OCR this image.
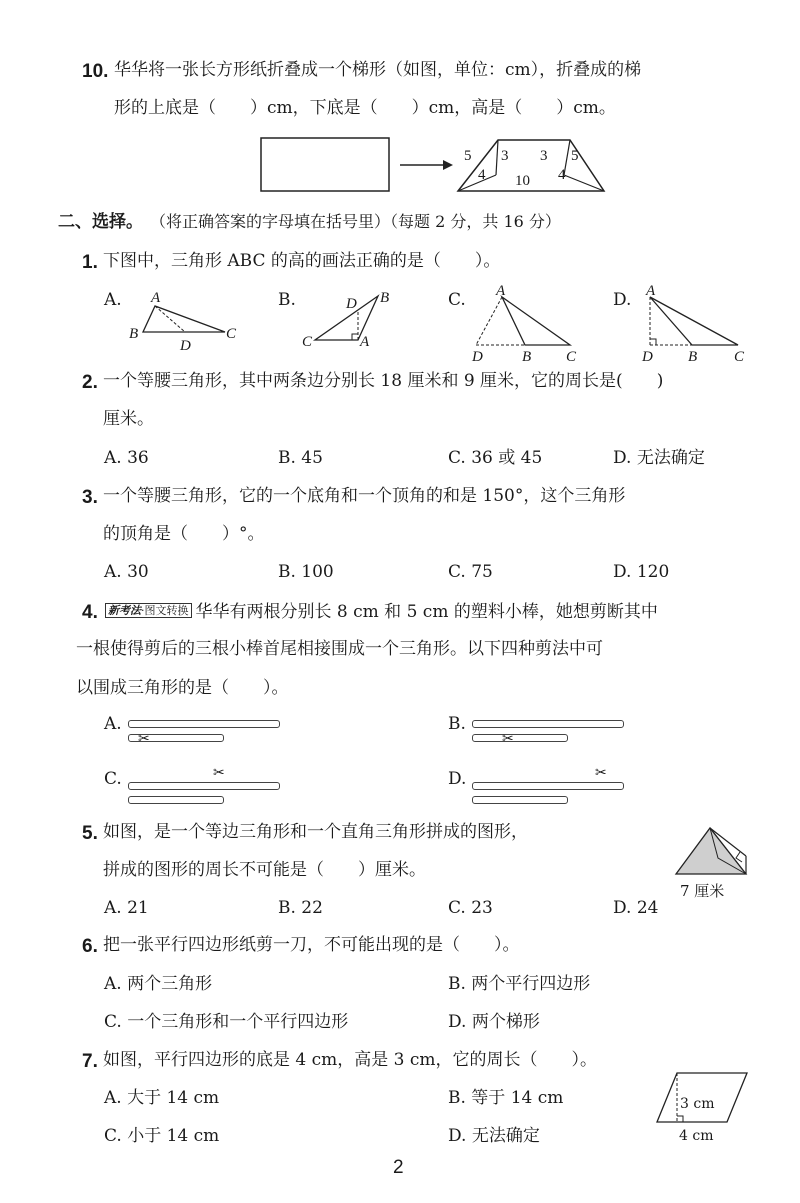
10. 华华将一张长方形纸折叠成一个梯形（如图，单位：cm），折叠成的梯
形的上底是（　　）cm，下底是（　　）cm，高是（　　）cm。
5 3 3 5
4 10 4
二、选择。 （将正确答案的字母填在括号里）（每题 2 分，共 16 分）
1. 下图中，三角形 ABC 的高的画法正确的是（　　）。
A.	B.	C.	D.
A
B	C
D
D B
C	A
A
D	B C
A
D B C
2. 一个等腰三角形，其中两条边分别长 18 厘米和 9 厘米，它的周长是(　　)
厘米。
A. 36	B. 45	C. 36 或 45	D. 无法确定
3. 一个等腰三角形，它的一个底角和一个顶角的和是 150°，这个三角形
的顶角是（　　）°。
A. 30	B. 100	C. 75	D. 120
4. 新考法·图文转换 华华有两根分别长 8 cm 和 5 cm 的塑料小棒，她想剪断其中
一根使得剪后的三根小棒首尾相接围成一个三角形。以下四种剪法中可
以围成三角形的是（　　）。
A.
✂
B.
✂
C.	✂	D.	✂
5. 如图，是一个等边三角形和一个直角三角形拼成的图形，
拼成的图形的周长不可能是（　　）厘米。
A. 21	B. 22	C. 23	D. 24
7 厘米
6. 把一张平行四边形纸剪一刀，不可能出现的是（　　）。
A. 两个三角形	B. 两个平行四边形
C. 一个三角形和一个平行四边形	D. 两个梯形
7. 如图，平行四边形的底是 4 cm，高是 3 cm，它的周长（　　）。
A. 大于 14 cm	B. 等于 14 cm
C. 小于 14 cm	D. 无法确定
3 cm
4 cm
2
